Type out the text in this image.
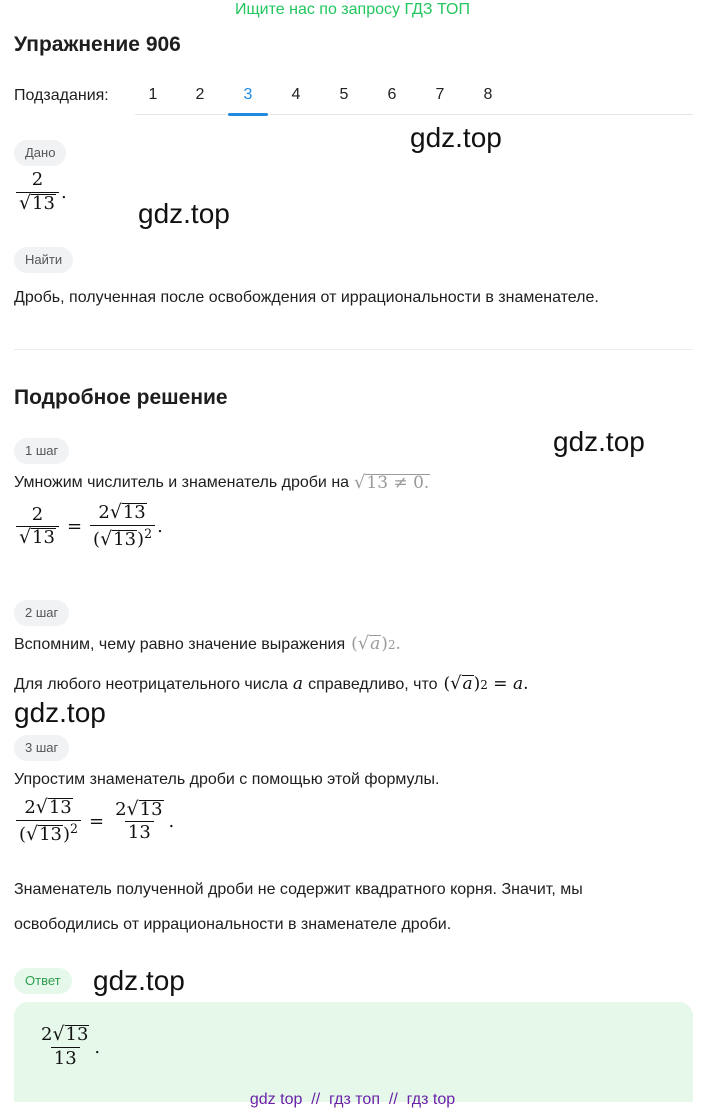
Ищите нас по запросу ГДЗ ТОП
Упражнение 906
Подзадания:	1	2	3	4	5	6	7	8
gdz.top
gdz.top
gdz.top
gdz.top
gdz.top
Дано
$\frac{2}{√ 13}$ .
Найти
Дробь, полученная после освобождения от иррациональности в знаменателе.
Подробное решение
1 шаг
Умножим числитель и знаменатель дроби на √ 13 ≠ 0.
$\frac{2}{√ 13} = \frac{2 √ 13}{( √ 13 )^2}$ .
2 шаг
Вспомним, чему равно значение выражения ( √ a ) 2 .
Для любого неотрицательного числа a справедливо, что ( √ a ) 2 = a .
3 шаг
Упростим знаменатель дроби с помощью этой формулы.
$\frac{2 √ 13}{( √ 13 )^2} = \frac{2 √ 13}{13}$ .
Знаменатель полученной дроби не содержит квадратного корня. Значит, мы
освободились от иррациональности в знаменателе дроби.
Ответ
$\frac{2 √ 13}{13}$ .
gdz top  //  гдз топ  //  гдз top
